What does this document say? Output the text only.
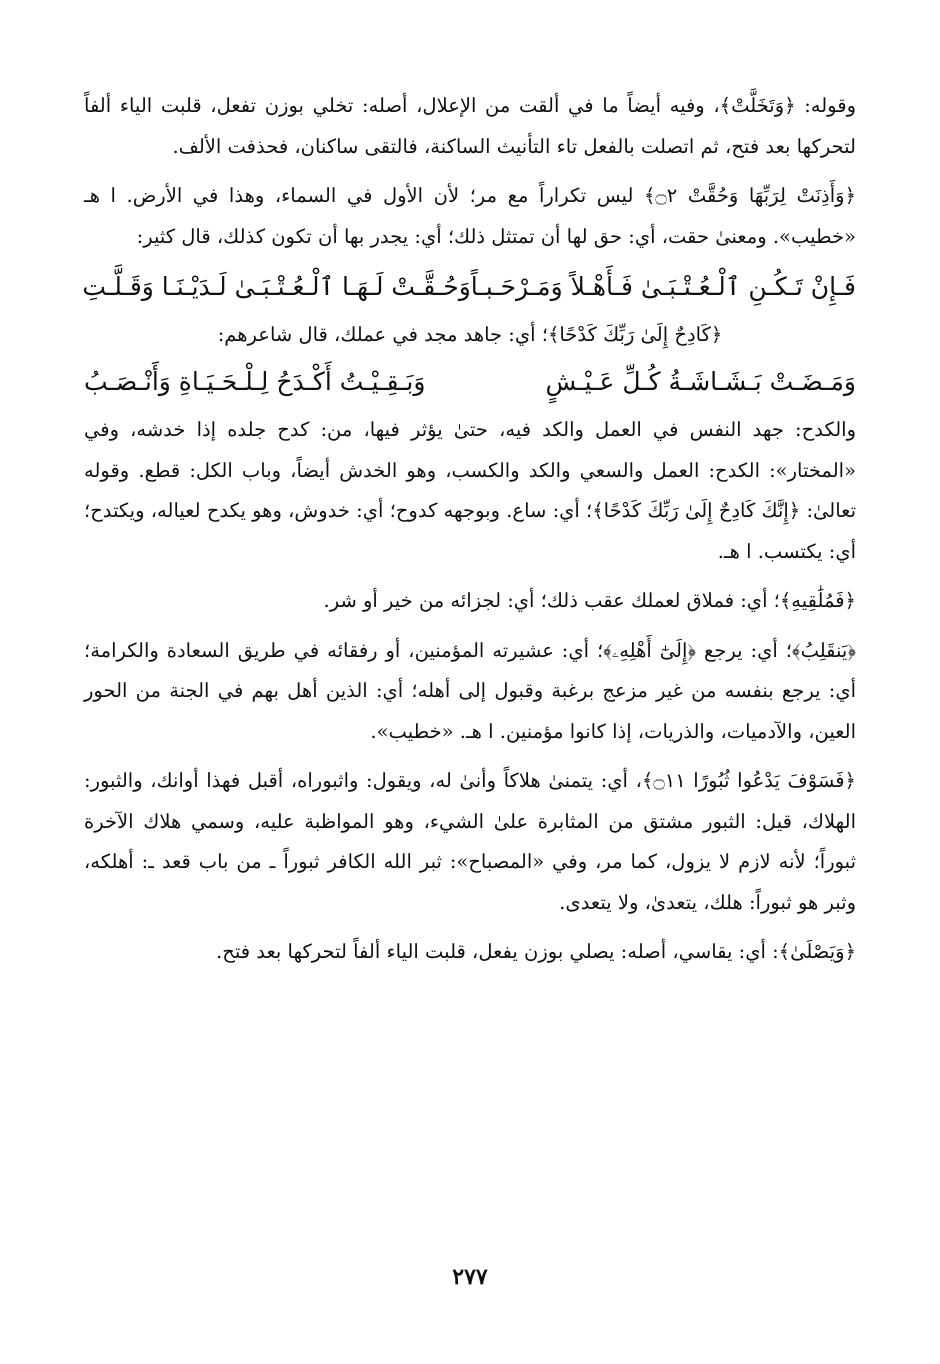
وقوله: ﴿وَتَخَلَّتْ﴾، وفيه أيضاً ما في ألقت من الإعلال، أصله: تخلي بوزن تفعل، قلبت الياء ألفاً لتحركها بعد فتح، ثم اتصلت بالفعل تاء التأنيث الساكنة، فالتقى ساكنان، فحذفت الألف.

﴿وَأَذِنَتْ لِرَبِّهَا وَحُقَّتْ ۝٢﴾ ليس تكراراً مع مر؛ لأن الأول في السماء، وهذا في الأرض. ا هـ «خطيب». ومعنىٰ حقت، أي: حق لها أن تمتثل ذلك؛ أي: يجدر بها أن تكون كذلك، قال كثير:

فَـإِنْ تَـكُـنِ ٱلْـعُـتْـبَـىٰ فَـأَهْـلاً وَمَـرْحَـبـاً
وَحُـقَّـتْ لَـهَـا ٱلْـعُـتْـبَـىٰ لَـدَيْـنَـا وَقَـلَّـتِ
﴿كَادِحٌ إِلَىٰ رَبِّكَ كَدْحًا﴾؛ أي: جاهد مجد في عملك، قال شاعرهم:
وَمَـضَـتْ بَـشَـاشَـةُ كُـلِّ عَـيْـشٍ
وَبَـقِـيْـتُ أَكْـدَحُ لِـلْـحَـيَـاةِ وَأَنْـصَـبُ

والكدح: جهد النفس في العمل والكد فيه، حتىٰ يؤثر فيها، من: كدح جلده إذا خدشه، وفي «المختار»: الكدح: العمل والسعي والكد والكسب، وهو الخدش أيضاً، وباب الكل: قطع. وقوله تعالىٰ: ﴿إِنَّكَ كَادِحٌ إِلَىٰ رَبِّكَ كَدْحًا﴾؛ أي: ساع. وبوجهه كدوح؛ أي: خدوش، وهو يكدح لعياله، ويكتدح؛ أي: يكتسب. ا هـ.

﴿فَمُلَٰقِيهِ﴾؛ أي: فملاق لعملك عقب ذلك؛ أي: لجزائه من خير أو شر.

﴿يَنقَلِبُ﴾؛ أي: يرجع ﴿إِلَىٰٓ أَهْلِهِۦ﴾؛ أي: عشيرته المؤمنين، أو رفقائه في طريق السعادة والكرامة؛ أي: يرجع بنفسه من غير مزعج برغبة وقبول إلى أهله؛ أي: الذين أهل بهم في الجنة من الحور العين، والآدميات، والذريات، إذا كانوا مؤمنين. ا هـ. «خطيب».

﴿فَسَوْفَ يَدْعُوا ثُبُورًا ۝١١﴾، أي: يتمنىٰ هلاكاً وأنىٰ له، ويقول: واثبوراه، أقبل فهذا أوانك، والثبور: الهلاك، قيل: الثبور مشتق من المثابرة علىٰ الشيء، وهو المواظبة عليه، وسمي هلاك الآخرة ثبوراً؛ لأنه لازم لا يزول، كما مر، وفي «المصباح»: ثبر الله الكافر ثبوراً ـ من باب قعد ـ: أهلكه، وثبر هو ثبوراً: هلك، يتعدىٰ، ولا يتعدى.

﴿وَيَصْلَىٰ﴾: أي: يقاسي، أصله: يصلي بوزن يفعل، قلبت الياء ألفاً لتحركها بعد فتح.

٢٧٧
